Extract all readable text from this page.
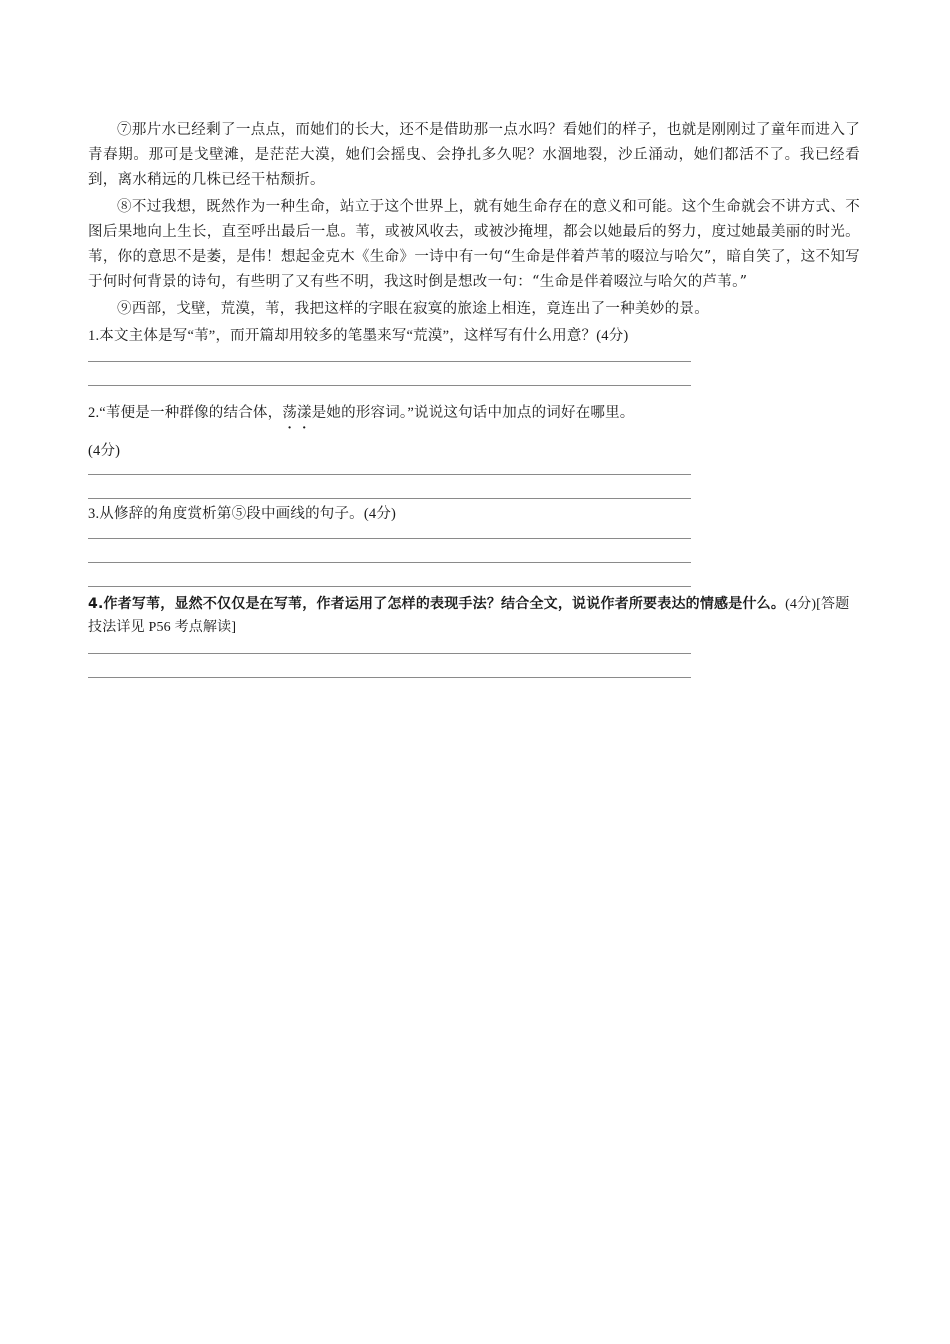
⑦那片水已经剩了一点点，而她们的长大，还不是借助那一点水吗？看她们的样子，也就是刚刚过了童年而进入了青春期。那可是戈壁滩，是茫茫大漠，她们会摇曳、会挣扎多久呢？水涸地裂，沙丘涌动，她们都活不了。我已经看到，离水稍远的几株已经干枯颓折。

⑧不过我想，既然作为一种生命，站立于这个世界上，就有她生命存在的意义和可能。这个生命就会不讲方式、不图后果地向上生长，直至呼出最后一息。苇，或被风收去，或被沙掩埋，都会以她最后的努力，度过她最美丽的时光。苇，你的意思不是萎，是伟！想起金克木《生命》一诗中有一句“生命是伴着芦苇的啜泣与哈欠”，暗自笑了，这不知写于何时何背景的诗句，有些明了又有些不明，我这时倒是想改一句：“生命是伴着啜泣与哈欠的芦苇。”

⑨西部，戈壁，荒漠，苇，我把这样的字眼在寂寞的旅途上相连，竟连出了一种美妙的景。

1.本文主体是写“苇”，而开篇却用较多的笔墨来写“荒漠”，这样写有什么用意？(4分)

2.“苇便是一种群像的结合体，荡漾是她的形容词。”说说这句话中加点的词好在哪里。

(4分)

3.从修辞的角度赏析第⑤段中画线的句子。(4分)

4.作者写苇，显然不仅仅是在写苇，作者运用了怎样的表现手法？结合全文，说说作者所要表达的情感是什么。(4分)[答题技法详见 P56 考点解读]
